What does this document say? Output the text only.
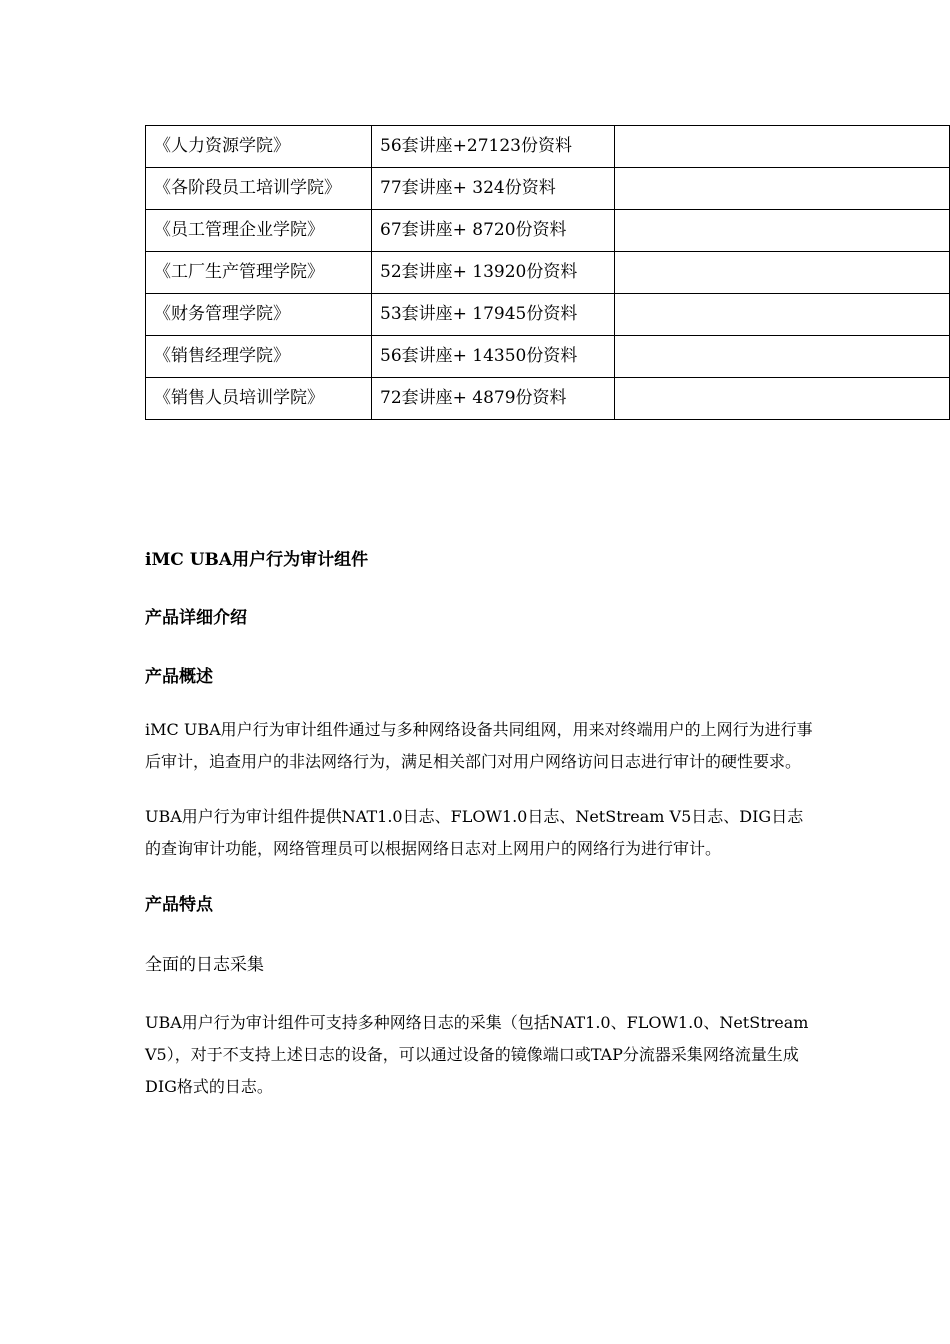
《人力资源学院》	56套讲座+27123份资料	
《各阶段员工培训学院》	77套讲座+ 324份资料	
《员工管理企业学院》	67套讲座+ 8720份资料	
《工厂生产管理学院》	52套讲座+ 13920份资料	
《财务管理学院》	53套讲座+ 17945份资料	
《销售经理学院》	56套讲座+ 14350份资料	
《销售人员培训学院》	72套讲座+ 4879份资料	

iMC UBA用户行为审计组件

产品详细介绍

产品概述

iMC UBA用户行为审计组件通过与多种网络设备共同组网，用来对终端用户的上网行为进行事后审计，追查用户的非法网络行为，满足相关部门对用户网络访问日志进行审计的硬性要求。

UBA用户行为审计组件提供NAT1.0日志、FLOW1.0日志、NetStream V5日志、DIG日志的查询审计功能，网络管理员可以根据网络日志对上网用户的网络行为进行审计。

产品特点

全面的日志采集

UBA用户行为审计组件可支持多种网络日志的采集（包括NAT1.0、FLOW1.0、NetStream V5），对于不支持上述日志的设备，可以通过设备的镜像端口或TAP分流器采集网络流量生成DIG格式的日志。
